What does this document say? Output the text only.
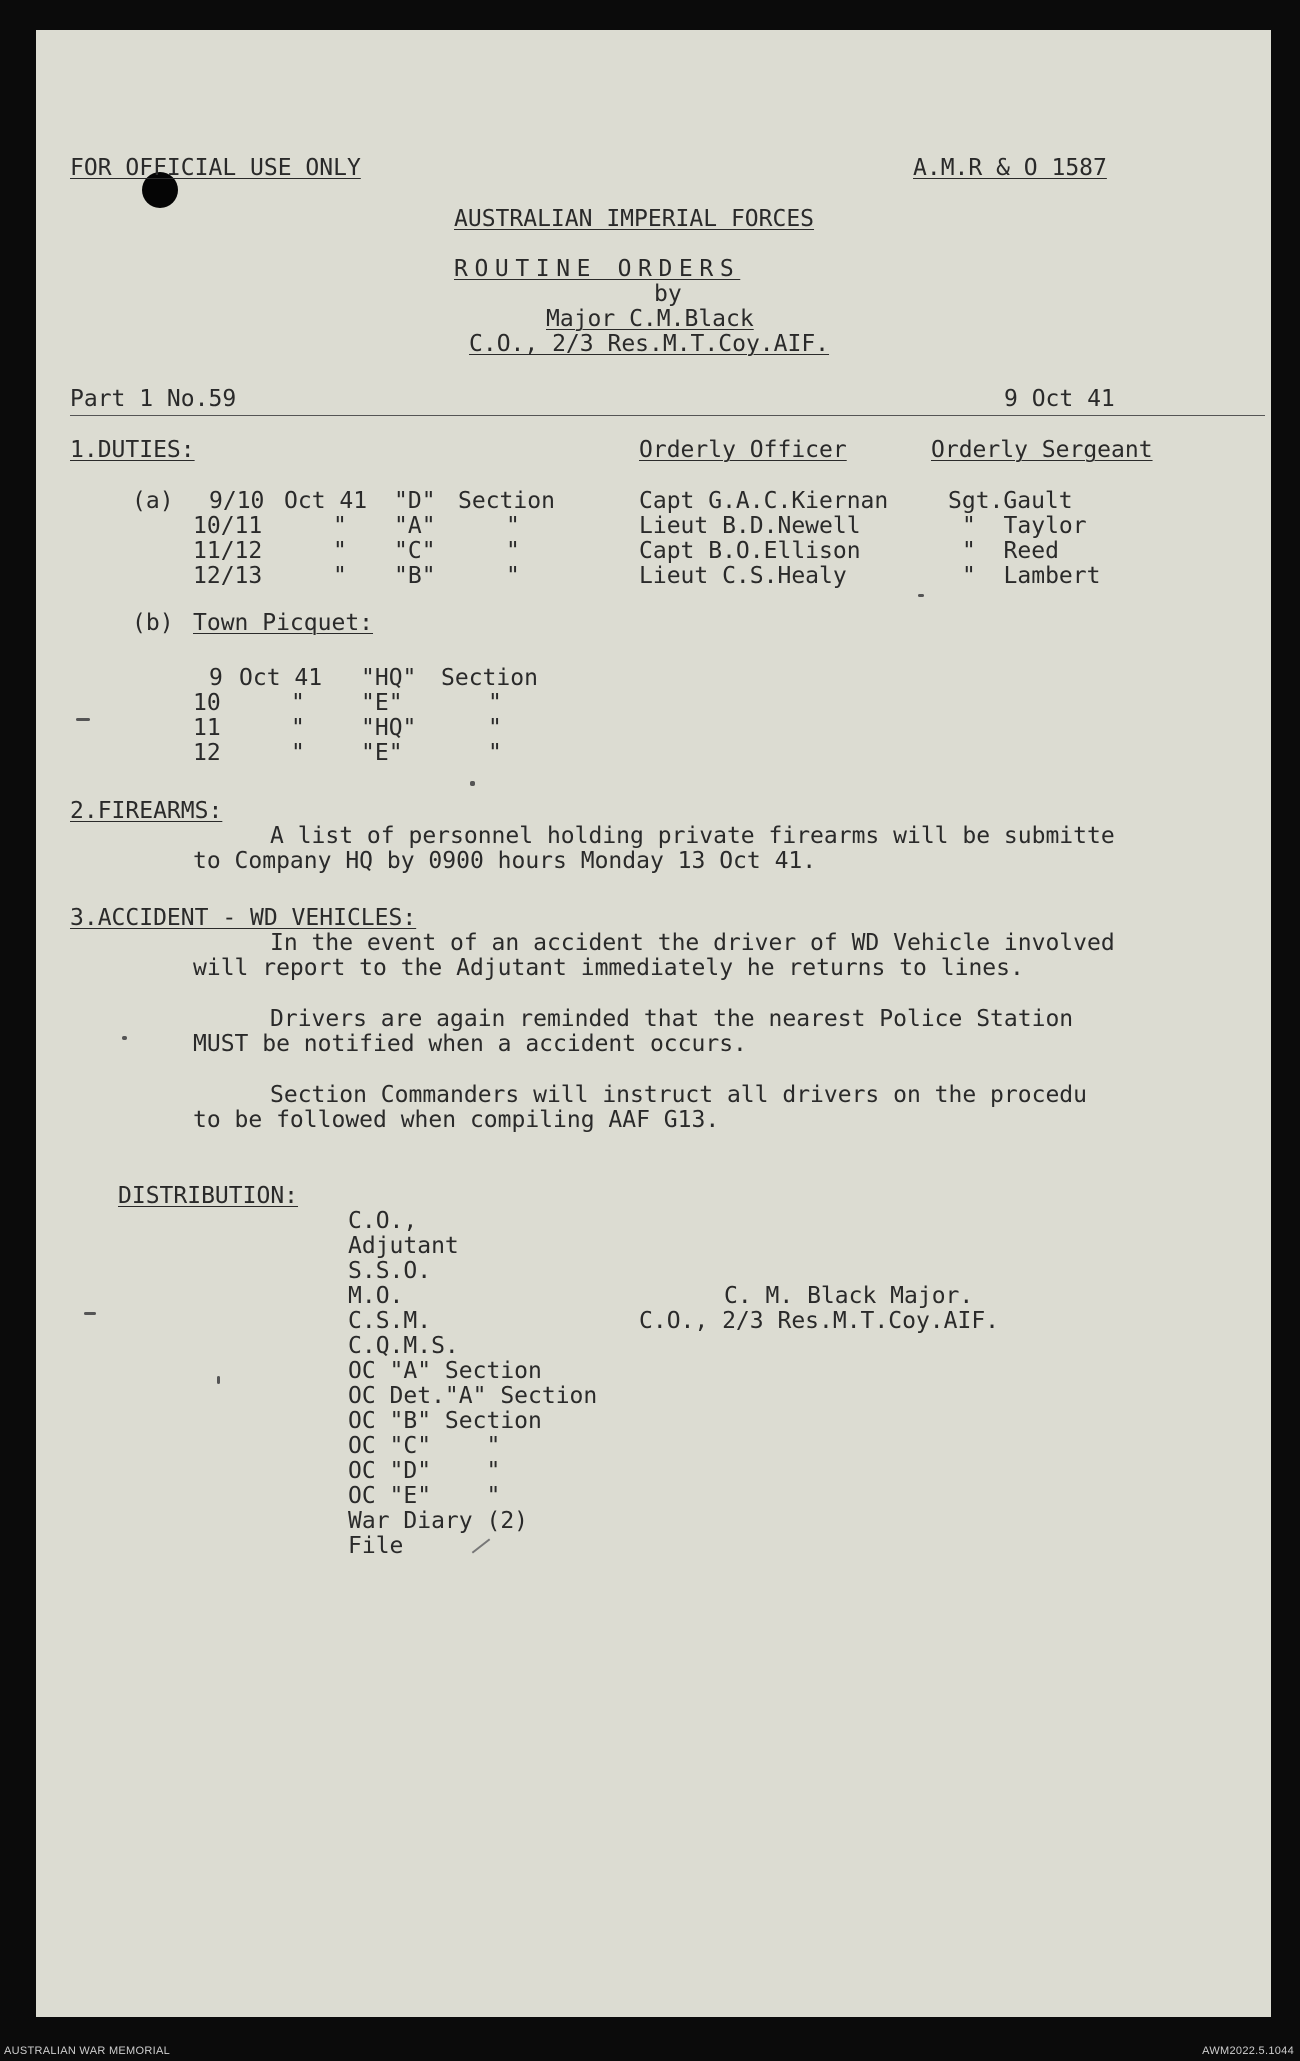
FOR OFFICIAL USE ONLY	A.M.R & O 1587
AUSTRALIAN IMPERIAL FORCES
ROUTINE ORDERS
by
Major C.M.Black
C.O., 2/3 Res.M.T.Coy.AIF.
Part 1 No.59	9 Oct 41
1.DUTIES:	Orderly Officer	Orderly Sergeant
(a) 9/10 Oct 41 "D" Section	Capt G.A.C.Kiernan	Sgt.Gault
10/11	" "A"	"	Lieut B.D.Newell	"  Taylor
11/12	" "C"	"	Capt B.O.Ellison	"  Reed
12/13	" "B"	"	Lieut C.S.Healy	"  Lambert
(b) Town Picquet:
9 Oct 41 "HQ" Section
10	" "E"	"
11	" "HQ"	"
12	" "E"	"
2.FIREARMS:
A list of personnel holding private firearms will be submitte
to Company HQ by 0900 hours Monday 13 Oct 41.
3.ACCIDENT - WD VEHICLES:
In the event of an accident the driver of WD Vehicle involved
will report to the Adjutant immediately he returns to lines.
Drivers are again reminded that the nearest Police Station
MUST be notified when a accident occurs.
Section Commanders will instruct all drivers on the procedu
to be followed when compiling AAF G13.
DISTRIBUTION:
C.O.,
Adjutant
S.S.O.
M.O.
C.S.M.
C.Q.M.S.
OC "A" Section
OC Det."A" Section
OC "B" Section
OC "C"    "
OC "D"    "
OC "E"    "
War Diary (2)
File
C. M. Black Major.
C.O., 2/3 Res.M.T.Coy.AIF.
AUSTRALIAN WAR MEMORIAL	AWM2022.5.1044
